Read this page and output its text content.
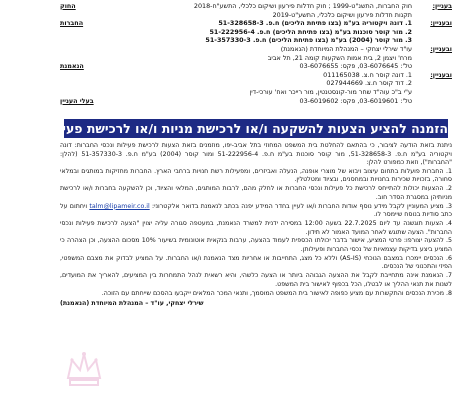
בעניין:
חוק החברות, התשנ"ט-1999 ; חוק חדלות פירעון ושיקום כלכלי, התשע"ח-2018
החוק
תקנות חדלות פירעון ושיקום כלכלי, התשע"ט-2019
ובעניין:
1. דונה ויקטוריה בע"מ (בצו פתיחת הליכים) ח.פ. 51-328658-3
החברות
2. מור קוסר סוכנות בע"מ (בצו פתיחת הליכים) ח.פ. 51-222956-4
3. מור קוסר (2004) בע"מ (בצו פתיחת הליכים) ח.פ. 51-357330-3
ובעניין:
עו"ד שירלי יצחקי – המנהלת המיוחדת (הנאמנת)
מרח' ויצמן 2, בית אמות השקעות קומה 21, תל אביב
טל': 03-6076645, פקס: 03-6076655
הנאמנת
ובעניין:
1. דונה קוסר ח.צ. 011165038
2. דוד קוסר ח.צ. 027944669
ע"י ב"כ עוה"ד שחר מור-קונסטנטין, מור רייכר ואח' עורכי-דין
טל': 03-6019601, פקס: 03-6019602
בעלי העניין
הזמנה להציע הצעות להשקעה ו/או לרכישת מניות ו/או לרכישת פעילות ונכסים
ניתנת בזאת הודעה לציבור, כי בהתאם להחלטת בית המשפט המחוזי בתל אביב-יפו, מוזמנים בזאת הצעות לרכישת פעילות ונכסי החברות: דונה ויקטוריה בע"מ ח.פ. 51-328658-3, מור קוסר סוכנות בע"מ ח.פ. 51-222956-4 ומור קוסר (2004) בע"מ ח.פ. 51-357330-3 (להלן: "החברות"), וזאת כמפורט להלן:
1. החברות פועלות בתחום עיצוב ויבוא של מוצרי אופנה, הנעלה ואביזרים, ומפעילות רשת חנויות ברחבי הארץ. החברות מחזיקות במותגים ובמלאי סחורה, בזכויות שכירות בחנויות ובמחסנים, ובציוד ומטלטלין.
2. ההצעות יכולות להתייחס לרכישת כל פעילות ונכסי החברות או לחלק מהם, לרבות המותגים, המלאי והציוד, וכן להשקעה בחברות ו/או לרכישת מניותיהן במסגרת הסדר חוב.
3. מציע המעוניין לקבל מידע נוסף אודות החברות ו/או לעיין בחדר המידע יפנה בכתב לנאמנת בדואר אלקטרוני: talm@lipameir.co.il ויחתום על כתב סודיות בנוסח שיימסר לו.
4. הצעות תוגשנה עד ליום 22.7.2025 בשעה 12:00 במסירה ידנית למשרד הנאמנת, במעטפה סגורה עליה יצוין "הצעה לרכישת פעילות ונכסי החברות". הצעה שתוגש לאחר המועד האמור לא תידון.
5. להצעה יצורפו: פרטי המציע, אישור בדבר יכולתו הכספית לעמוד בהצעה, ערבות בנקאית אוטונומית בשיעור 10% מסכום ההצעה, וכן הצהרה כי המציע ביצע בדיקות עצמאיות של נכסי החברות ופעילותן.
6. הנכסים יימכרו במצבם הנוכחי (AS-IS) וללא כל מצג, התחייבות או אחריות מצד הנאמנת ו/או החברות. על המציע לבדוק את מצבם המשפטי, הפיזי והתכנוני של הנכסים.
7. הנאמנת אינה מתחייבת לקבל את ההצעה הגבוהה ביותר או הצעה כלשהי, והיא רשאית לנהל התמחרות בין המציעים, להאריך את המועדים, לשנות את תנאי ההליך או לבטלו, הכל בכפוף לאישור בית המשפט.
8. מכירת הנכסים והתקשרות עם מציע כפופה לאישור בית המשפט המוסמך, ותנאי המכר המלאים ייקבעו בהסכם שייחתם עם הזוכה.
שירלי יצחקי, עו"ד – המנהלת המיוחדת (הנאמנת)
